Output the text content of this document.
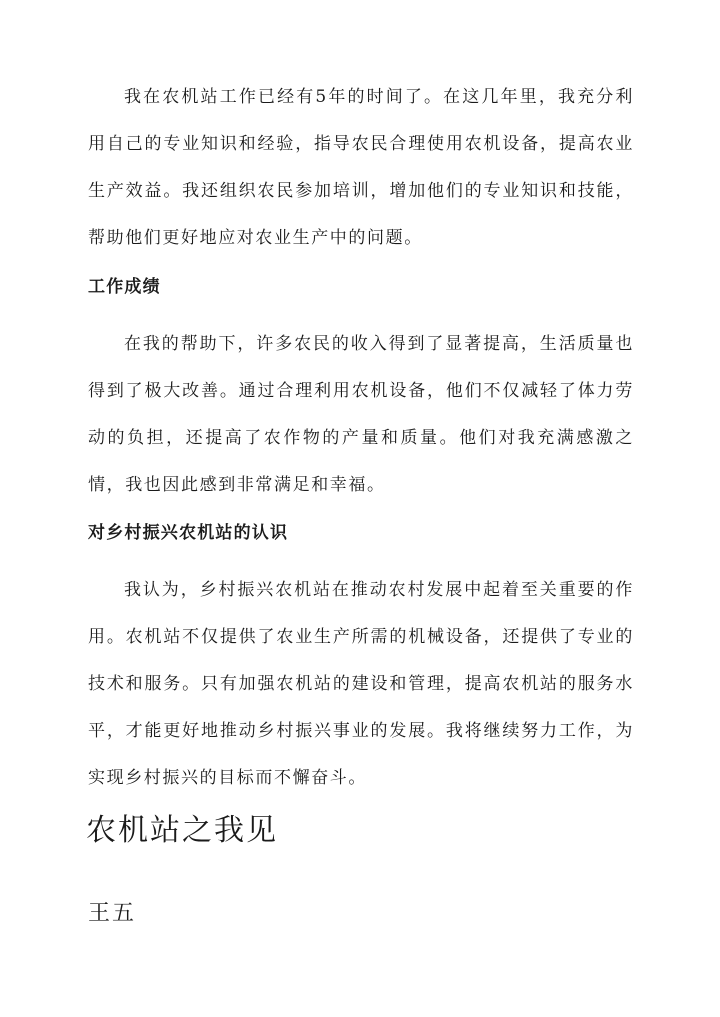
我在农机站工作已经有5年的时间了。在这几年里，我充分利用自己的专业知识和经验，指导农民合理使用农机设备，提高农业生产效益。我还组织农民参加培训，增加他们的专业知识和技能，帮助他们更好地应对农业生产中的问题。

工作成绩

在我的帮助下，许多农民的收入得到了显著提高，生活质量也得到了极大改善。通过合理利用农机设备，他们不仅减轻了体力劳动的负担，还提高了农作物的产量和质量。他们对我充满感激之情，我也因此感到非常满足和幸福。

对乡村振兴农机站的认识

我认为，乡村振兴农机站在推动农村发展中起着至关重要的作用。农机站不仅提供了农业生产所需的机械设备，还提供了专业的技术和服务。只有加强农机站的建设和管理，提高农机站的服务水平，才能更好地推动乡村振兴事业的发展。我将继续努力工作，为实现乡村振兴的目标而不懈奋斗。

农机站之我见
王五
